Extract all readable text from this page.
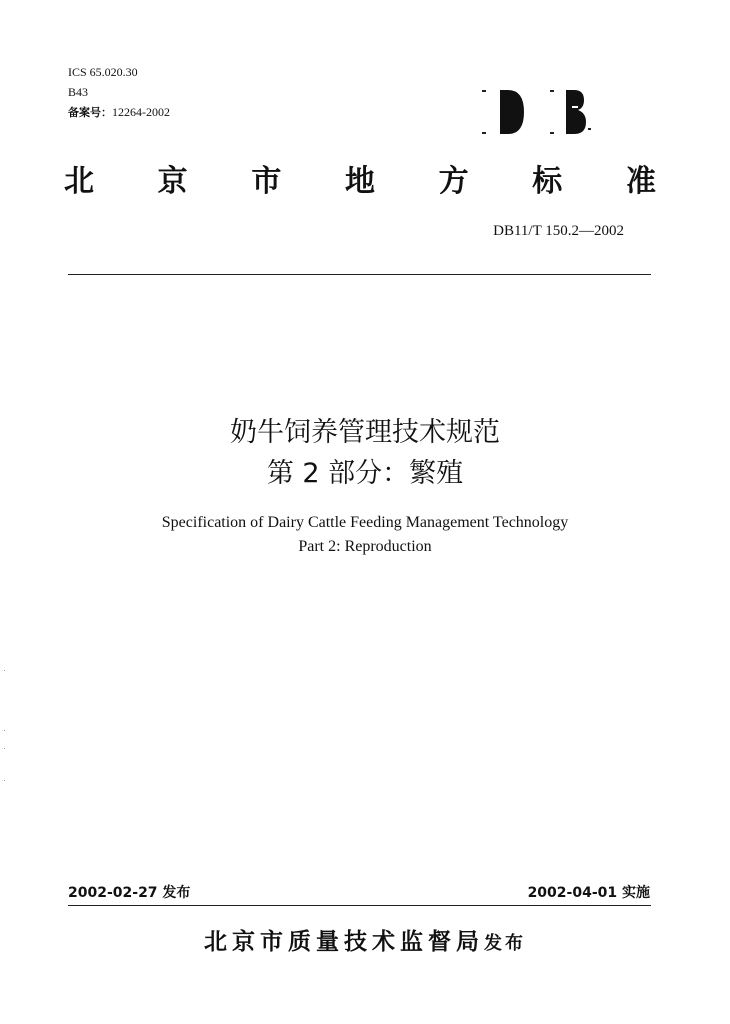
ICS 65.020.30
B43
备案号：12264-2002
北 京 市 地 方 标 准
DB11/T 150.2—2002
奶牛饲养管理技术规范
第 2 部分：繁殖
Specification of Dairy Cattle Feeding Management Technology
Part 2: Reproduction
2002-02-27 发布	2002-04-01 实施
北京市质量技术监督局发布
